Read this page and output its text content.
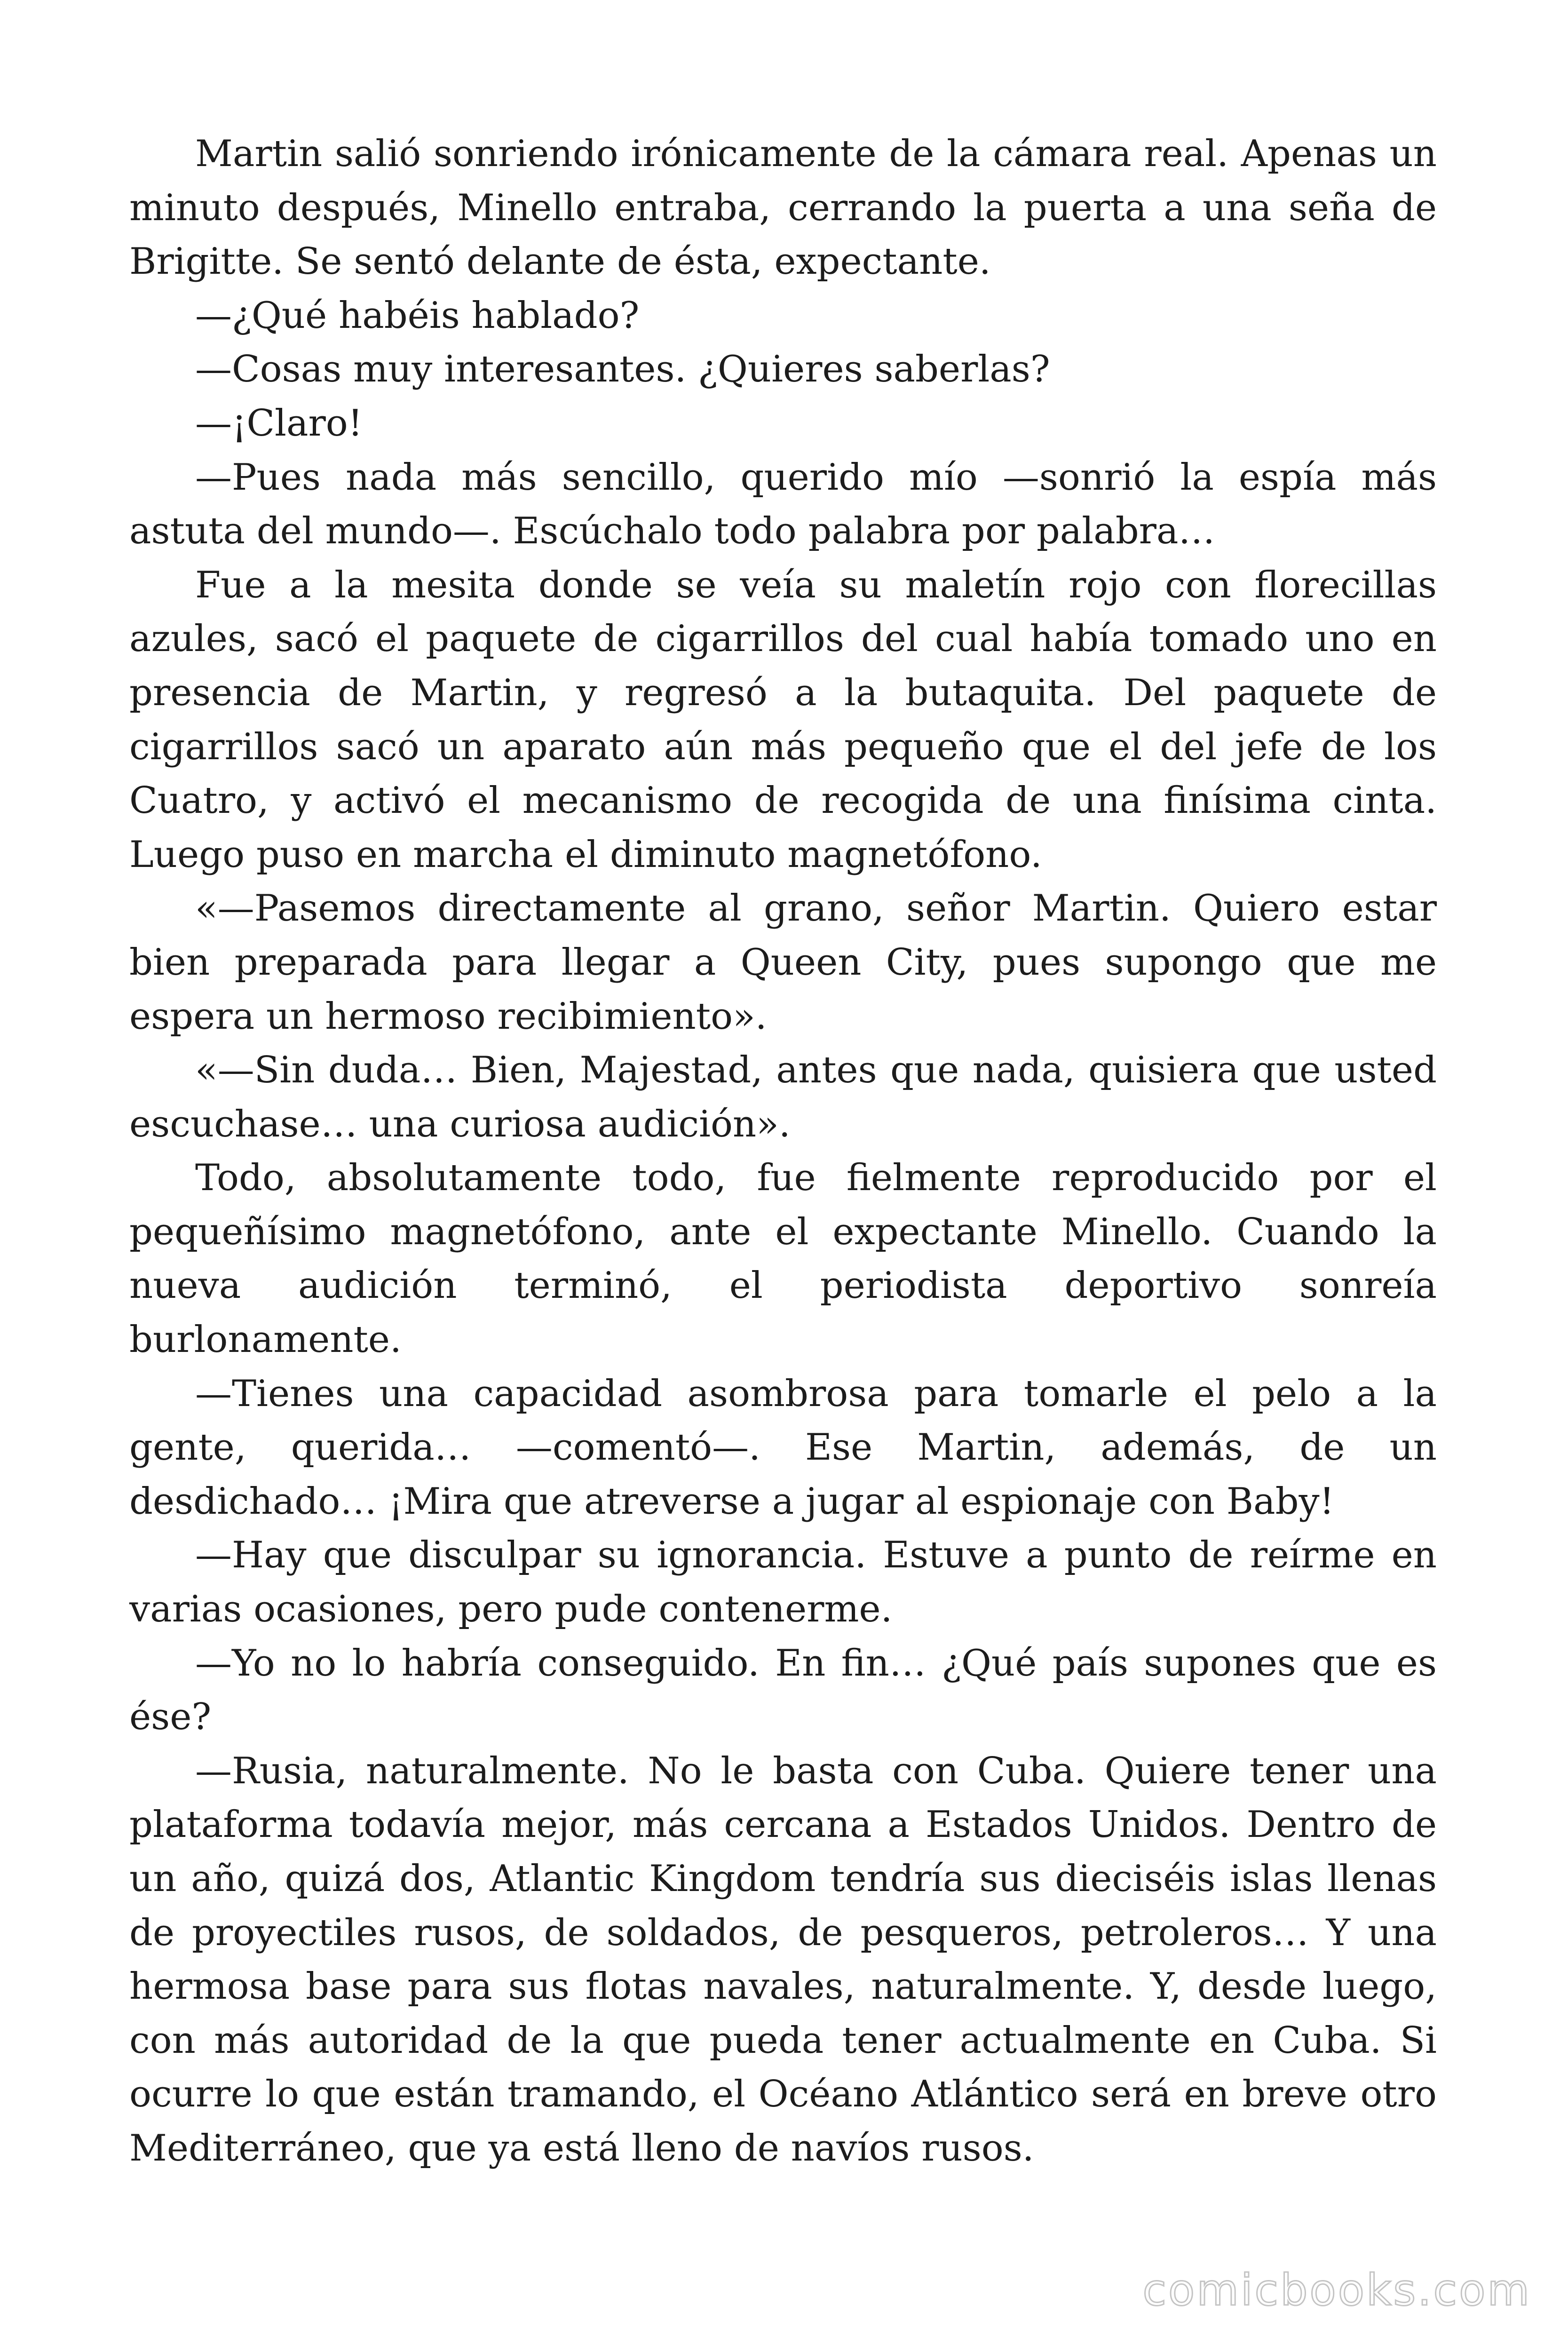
Martin salió sonriendo irónicamente de la cámara real. Apenas un minuto después, Minello entraba, cerrando la puerta a una seña de Brigitte. Se sentó delante de ésta, expectante.

—¿Qué habéis hablado?

—Cosas muy interesantes. ¿Quieres saberlas?

—¡Claro!

—Pues nada más sencillo, querido mío —sonrió la espía más astuta del mundo—. Escúchalo todo palabra por palabra…

Fue a la mesita donde se veía su maletín rojo con florecillas azules, sacó el paquete de cigarrillos del cual había tomado uno en presencia de Martin, y regresó a la butaquita. Del paquete de cigarrillos sacó un aparato aún más pequeño que el del jefe de los Cuatro, y activó el mecanismo de recogida de una finísima cinta. Luego puso en marcha el diminuto magnetófono.

«—Pasemos directamente al grano, señor Martin. Quiero estar bien preparada para llegar a Queen City, pues supongo que me espera un hermoso recibimiento».

«—Sin duda… Bien, Majestad, antes que nada, quisiera que usted escuchase… una curiosa audición».

Todo, absolutamente todo, fue fielmente reproducido por el pequeñísimo magnetófono, ante el expectante Minello. Cuando la nueva audición terminó, el periodista deportivo sonreía burlonamente.

—Tienes una capacidad asombrosa para tomarle el pelo a la gente, querida… —comentó—. Ese Martin, además, de un desdichado… ¡Mira que atreverse a jugar al espionaje con Baby!

—Hay que disculpar su ignorancia. Estuve a punto de reírme en varias ocasiones, pero pude contenerme.

—Yo no lo habría conseguido. En fin… ¿Qué país supones que es ése?

—Rusia, naturalmente. No le basta con Cuba. Quiere tener una plataforma todavía mejor, más cercana a Estados Unidos. Dentro de un año, quizá dos, Atlantic Kingdom tendría sus dieciséis islas llenas de proyectiles rusos, de soldados, de pesqueros, petroleros… Y una hermosa base para sus flotas navales, naturalmente. Y, desde luego, con más autoridad de la que pueda tener actualmente en Cuba. Si ocurre lo que están tramando, el Océano Atlántico será en breve otro Mediterráneo, que ya está lleno de navíos rusos.

comicbooks.com
